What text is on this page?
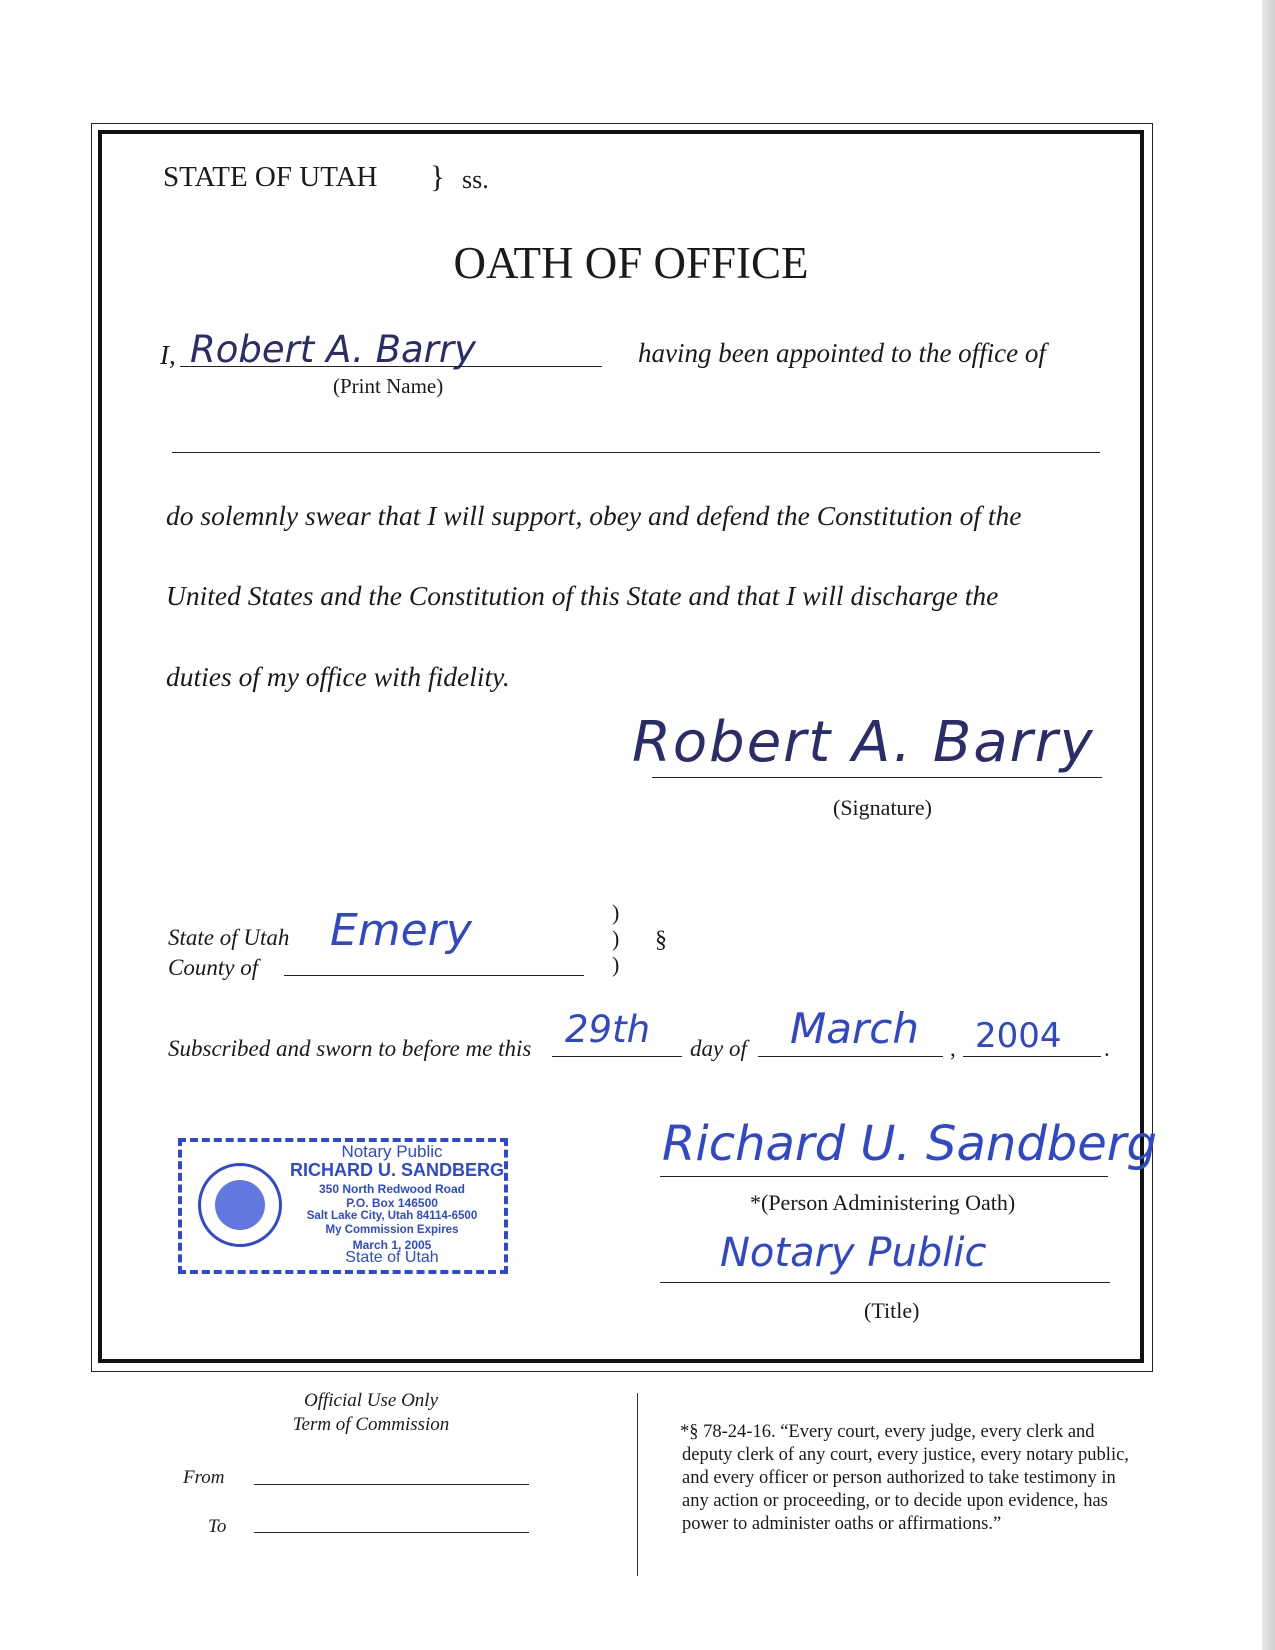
STATE OF UTAH } ss.
OATH OF OFFICE
I, Robert A. Barry
(Print Name)
having been appointed to the office of
do solemnly swear that I will support, obey and defend the Constitution of the
United States and the Constitution of this State and that I will discharge the
duties of my office with fidelity.
Robert A. Barry
(Signature)
State of Utah
County of
Emery	)
)
)
§
Subscribed and sworn to before me this 29th day of March , 2004 .
Richard U. Sandberg
*(Person Administering Oath)
Notary Public
(Title)
Notary Public
RICHARD U. SANDBERG
350 North Redwood Road
P.O. Box 146500
Salt Lake City, Utah 84114-6500
My Commission Expires
March 1, 2005
State of Utah
Official Use Only
Term of Commission
From
To
*§ 78-24-16. “Every court, every judge, every clerk and
deputy clerk of any court, every justice, every notary public,
and every officer or person authorized to take testimony in
any action or proceeding, or to decide upon evidence, has
power to administer oaths or affirmations.”
